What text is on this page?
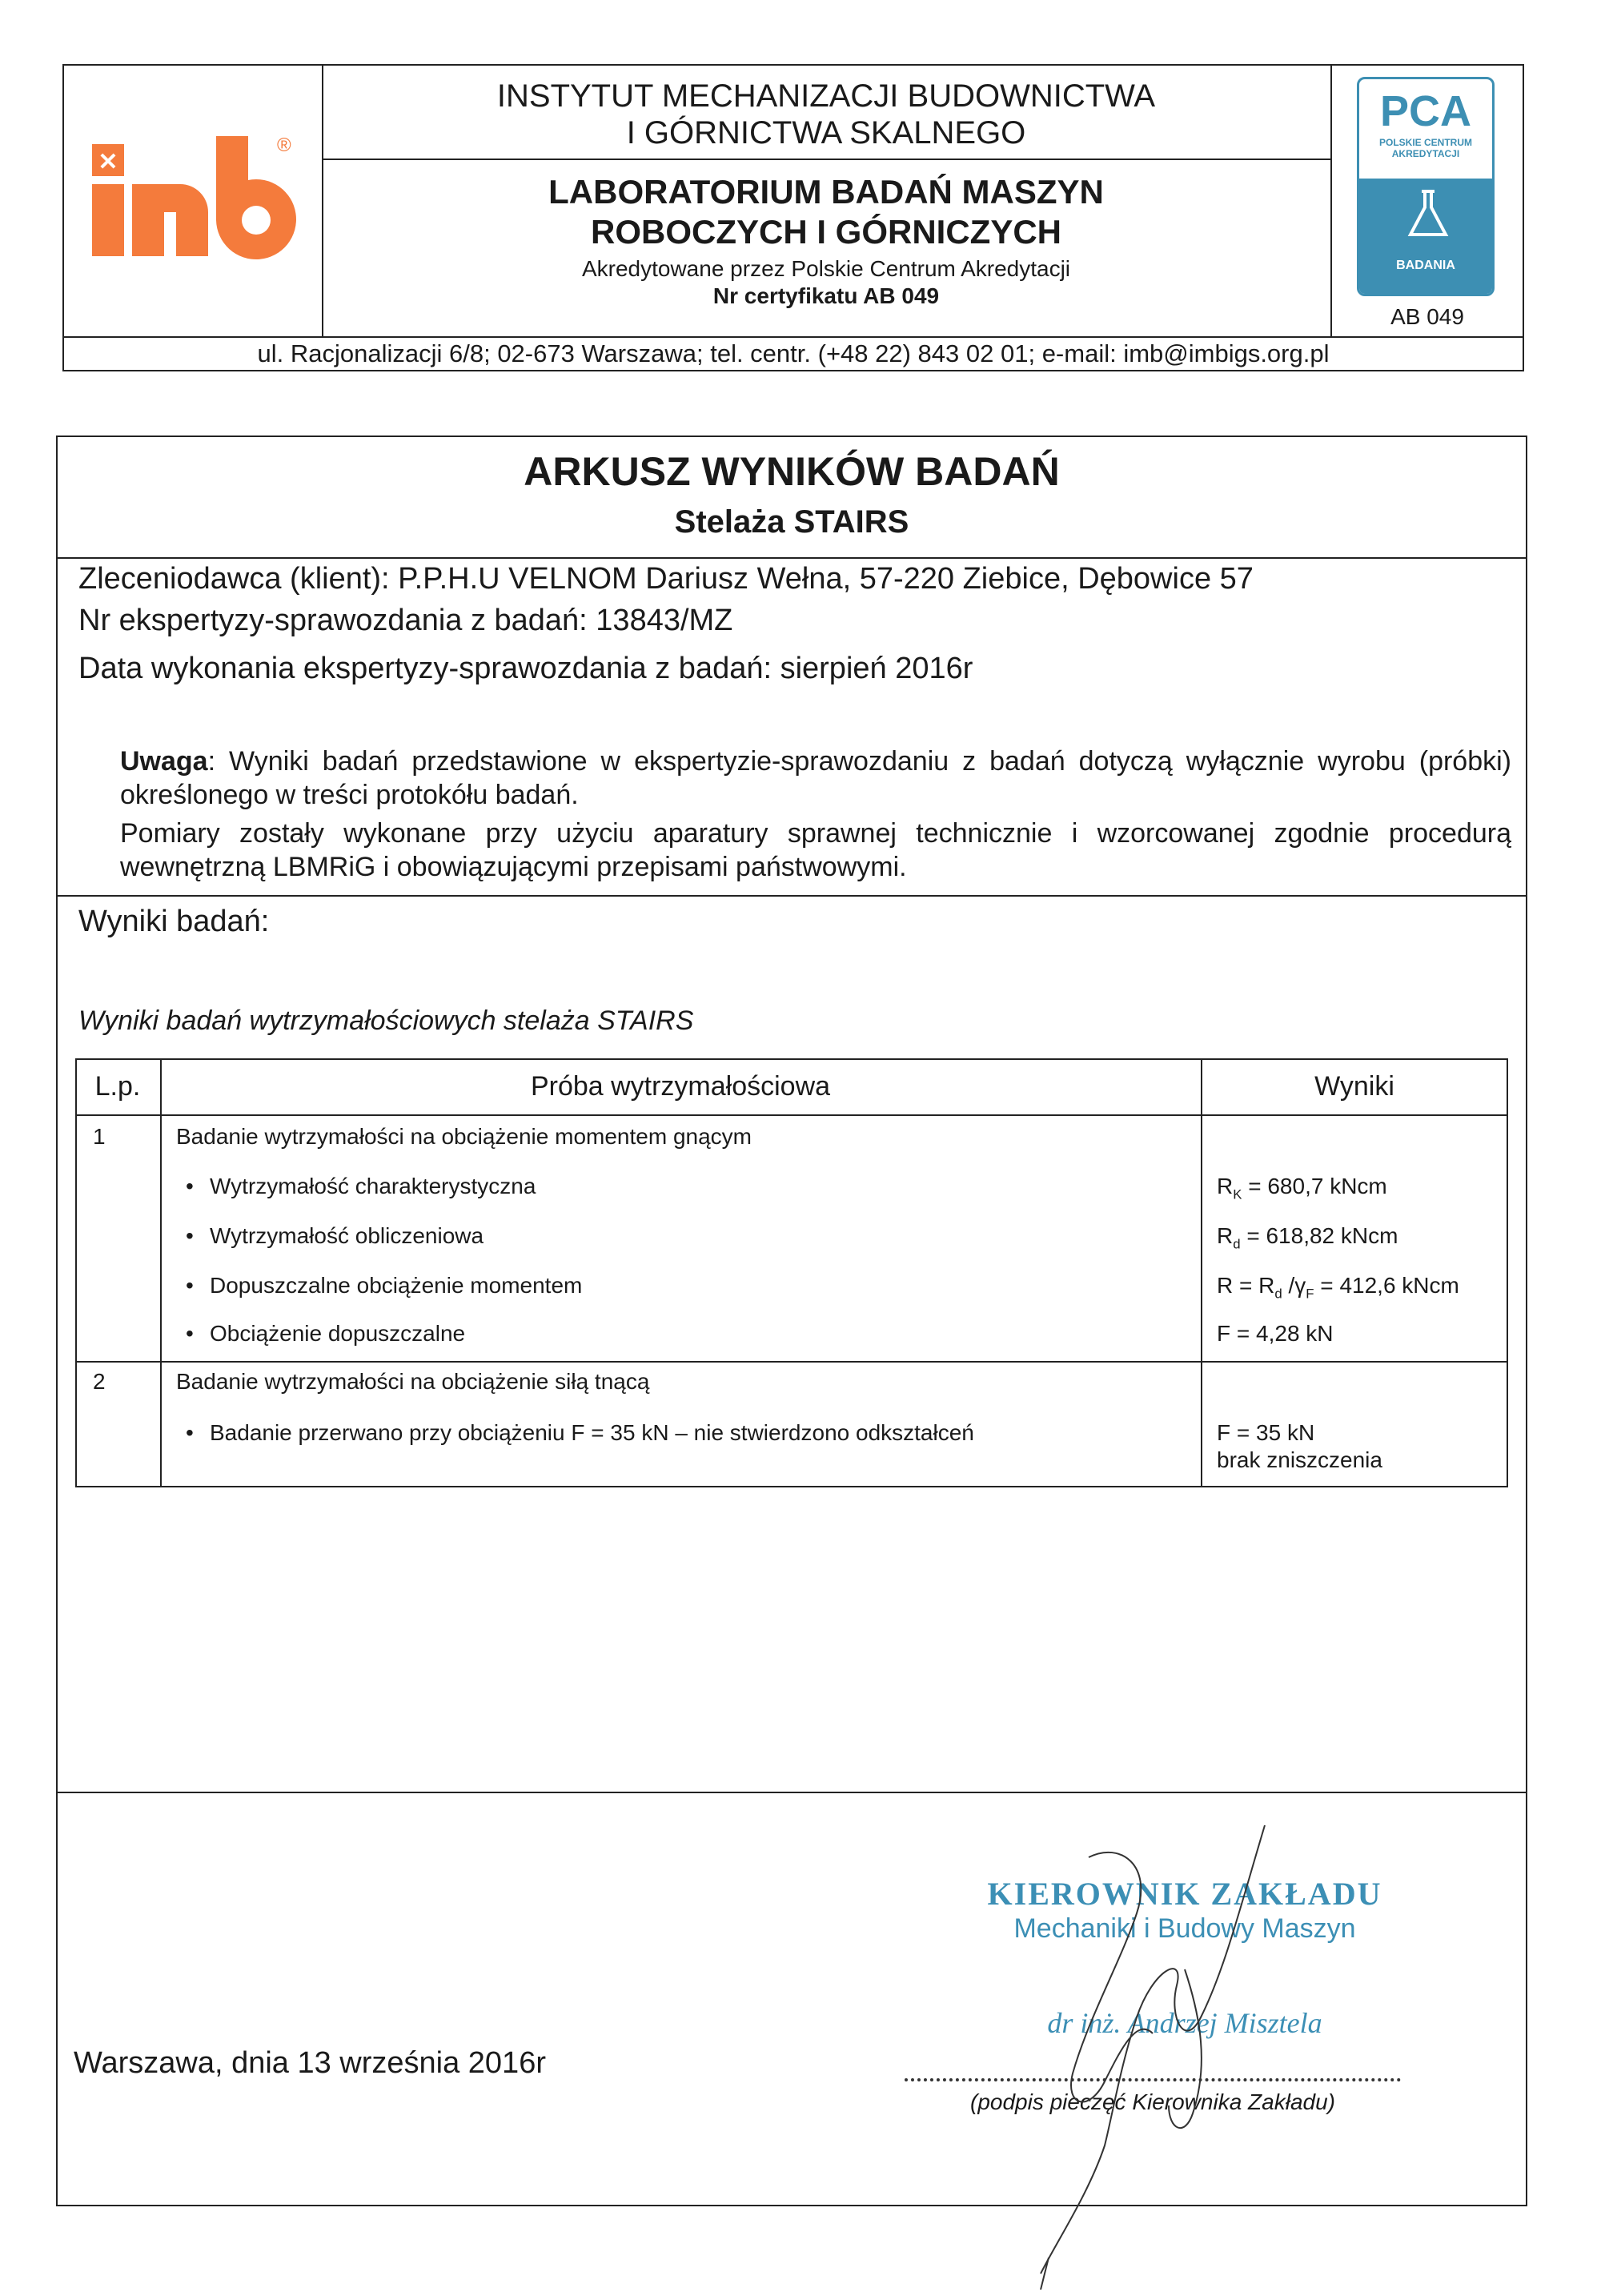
✕
®
INSTYTUT MECHANIZACJI BUDOWNICTWA
I GÓRNICTWA SKALNEGO
LABORATORIUM BADAŃ MASZYN
ROBOCZYCH I GÓRNICZYCH
Akredytowane przez Polskie Centrum Akredytacji
Nr certyfikatu AB 049
PCA
POLSKIE CENTRUM
AKREDYTACJI
BADANIA
AB 049
ul. Racjonalizacji 6/8; 02-673 Warszawa; tel. centr. (+48 22) 843 02 01; e-mail: imb@imbigs.org.pl
ARKUSZ WYNIKÓW BADAŃ
Stelaża STAIRS
Zleceniodawca (klient): P.P.H.U VELNOM Dariusz Wełna, 57-220 Ziebice, Dębowice 57
Nr ekspertyzy-sprawozdania z badań: 13843/MZ
Data wykonania ekspertyzy-sprawozdania z badań: sierpień 2016r
Uwaga: Wyniki badań przedstawione w ekspertyzie-sprawozdaniu z badań dotyczą wyłącznie wyrobu (próbki) określonego w treści protokółu badań.
Pomiary zostały wykonane przy użyciu aparatury sprawnej technicznie i wzorcowanej zgodnie procedurą wewnętrzną LBMRiG i obowiązującymi przepisami państwowymi.
Wyniki badań:
Wyniki badań wytrzymałościowych stelaża STAIRS
L.p.	Próba wytrzymałościowa	Wyniki
1	Badanie wytrzymałości na obciążenie momentem gnącym
• Wytrzymałość charakterystyczna	$R_K = 680,7$ kNcm
• Wytrzymałość obliczeniowa	$R_d = 618,82$ kNcm
• Dopuszczalne obciążenie momentem	$R = R_d$ $/\gamma_F = 412,6$ kNcm
• Obciążenie dopuszczalne	F = 4,28 kN
2	Badanie wytrzymałości na obciążenie siłą tnącą
• Badanie przerwano przy obciążeniu F = 35 kN – nie stwierdzono odkształceń	F = 35 kN
brak zniszczenia
Warszawa, dnia 13 września 2016r
KIEROWNIK ZAKŁADU
Mechaniki i Budowy Maszyn
dr inż. Andrzej Misztela
(podpis pieczęć Kierownika Zakładu)
